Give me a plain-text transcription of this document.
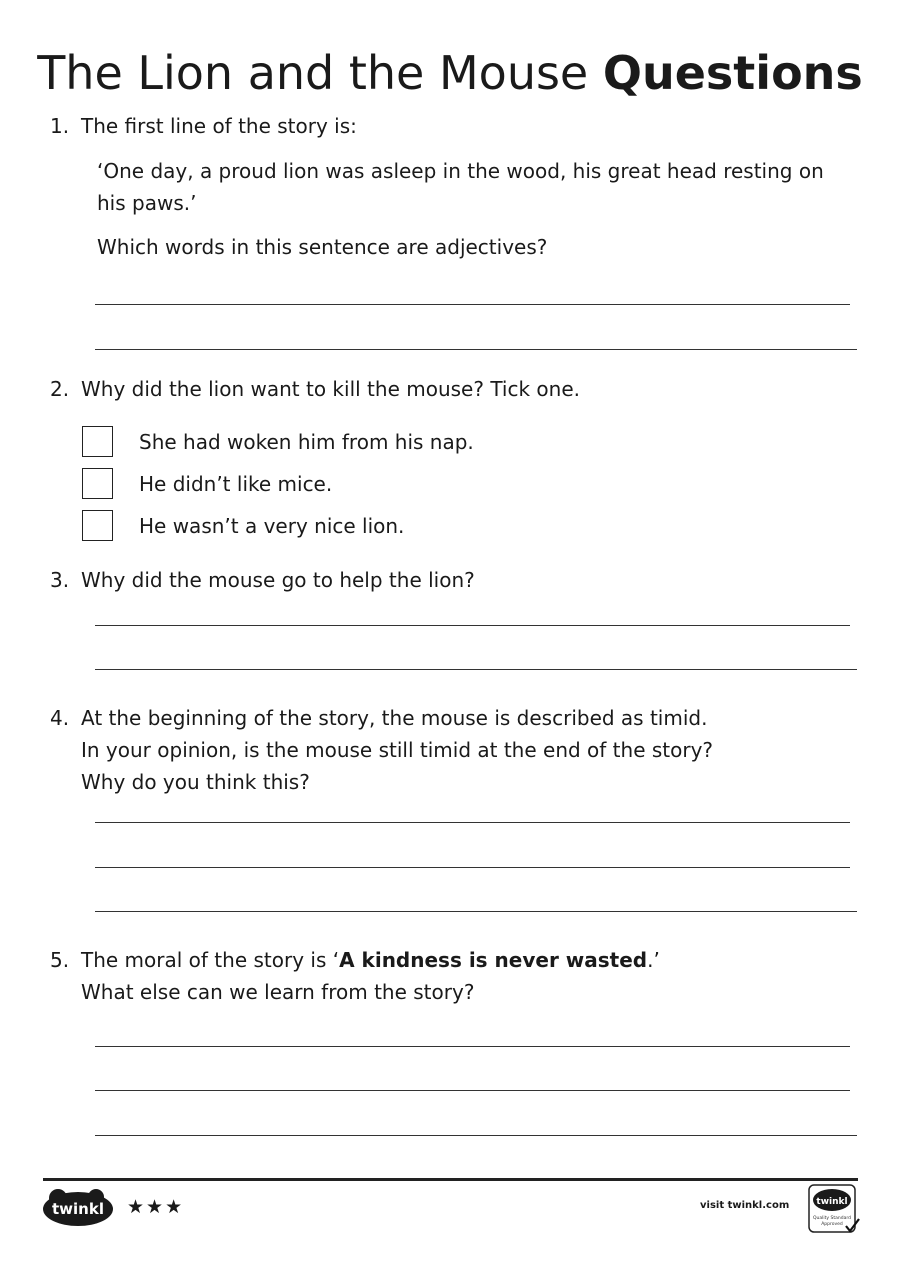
The Lion and the Mouse Questions
1. The first line of the story is:

‘One day, a proud lion was asleep in the wood, his great head resting on his paws.’
Which words in this sentence are adjectives?
2. Why did the lion want to kill the mouse? Tick one.

She had woken him from his nap.
He didn’t like mice.
He wasn’t a very nice lion.
3. Why did the mouse go to help the lion?

4. At the beginning of the story, the mouse is described as timid.

In your opinion, is the mouse still timid at the end of the story?

Why do you think this?

5. The moral of the story is ‘A kindness is never wasted.’

What else can we learn from the story?

twinkl ★★★	visit twinkl.com	twinkl
Quality Standard
Approved
